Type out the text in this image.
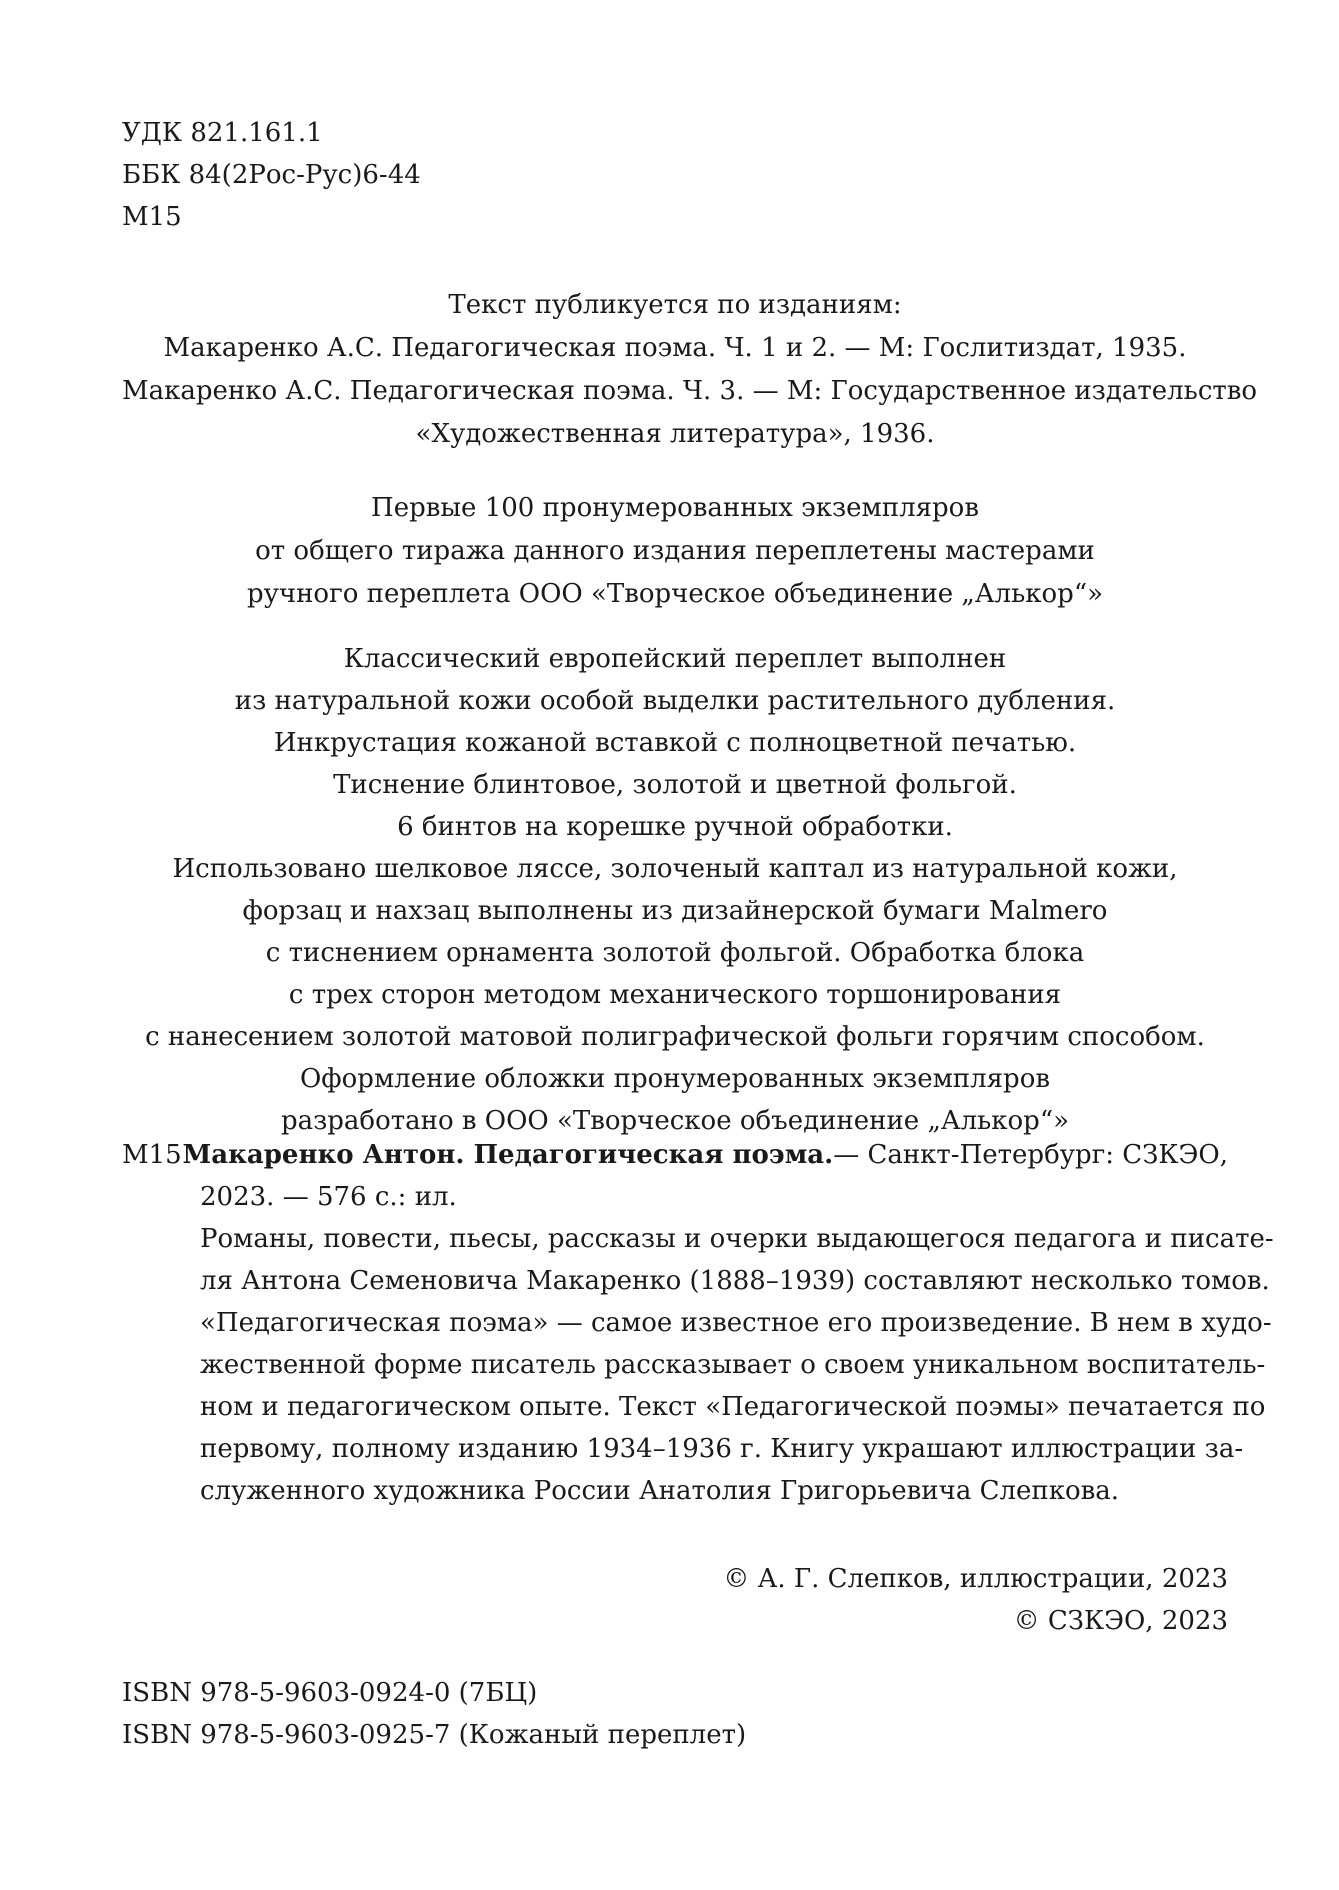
УДК 821.161.1
ББК 84(2Рос-Рус)6-44
М15
Текст публикуется по изданиям:
Макаренко А.С. Педагогическая поэма. Ч. 1 и 2. — М: Гослитиздат, 1935.
Макаренко А.С. Педагогическая поэма. Ч. 3. — М: Государственное издательство
«Художественная литература», 1936.
Первые 100 пронумерованных экземпляров
от общего тиража данного издания переплетены мастерами
ручного переплета ООО «Творческое объединение „Алькор“»
Классический европейский переплет выполнен
из натуральной кожи особой выделки растительного дубления.
Инкрустация кожаной вставкой с полноцветной печатью.
Тиснение блинтовое, золотой и цветной фольгой.
6 бинтов на корешке ручной обработки.
Использовано шелковое ляссе, золоченый каптал из натуральной кожи,
форзац и нахзац выполнены из дизайнерской бумаги Malmero
с тиснением орнамента золотой фольгой. Обработка блока
с трех сторон методом механического торшонирования
с нанесением золотой матовой полиграфической фольги горячим способом.
Оформление обложки пронумерованных экземпляров
разработано в ООО «Творческое объединение „Алькор“»
М15 Макаренко Антон. Педагогическая поэма. — Санкт-Петербург: СЗКЭО,
2023. — 576 с.: ил.
Романы, повести, пьесы, рассказы и очерки выдающегося педагога и писате-
ля Антона Семеновича Макаренко (1888–1939) составляют несколько томов.
«Педагогическая поэма» — самое известное его произведение. В нем в худо-
жественной форме писатель рассказывает о своем уникальном воспитатель-
ном и педагогическом опыте. Текст «Педагогической поэмы» печатается по
первому, полному изданию 1934–1936 г. Книгу украшают иллюстрации за-
служенного художника России Анатолия Григорьевича Слепкова.
© А. Г. Слепков, иллюстрации, 2023
© СЗКЭО, 2023
ISBN 978-5-9603-0924-0 (7БЦ)
ISBN 978-5-9603-0925-7 (Кожаный переплет)
